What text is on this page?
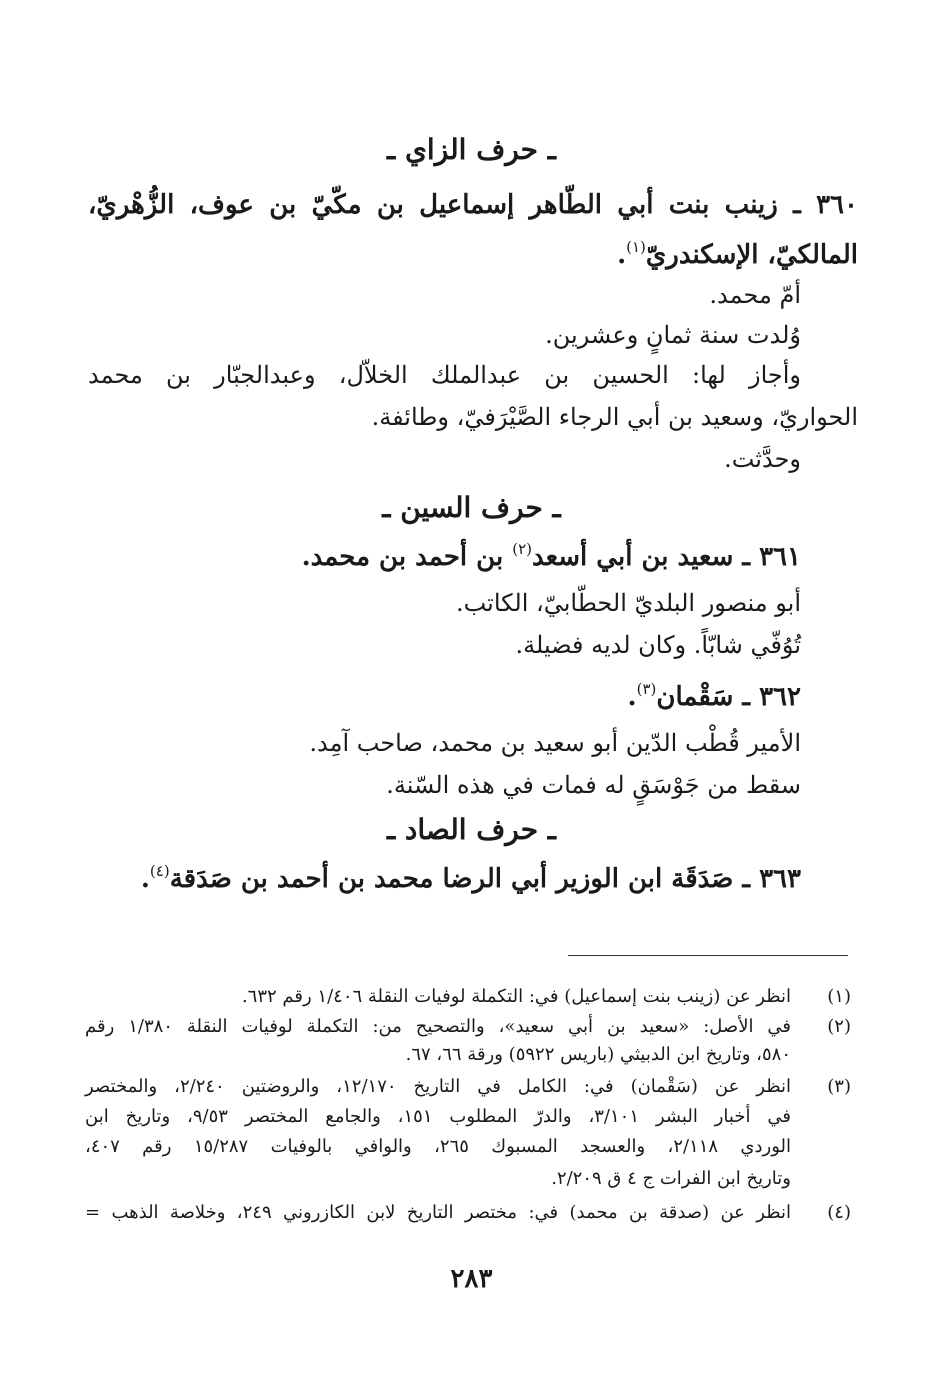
ـ حرف الزاي ـ
٣٦٠ ـ زينب بنت أبي الطّاهر إسماعيل بن مكّيّ بن عوف، الزُّهْريّ،
المالكيّ، الإسكندريّ$^{(١)}$.
أمّ محمد.
وُلدت سنة ثمانٍ وعشرين.
وأجاز لها: الحسين بن عبدالملك الخلاّل، وعبدالجبّار بن محمد
الحواريّ، وسعيد بن أبي الرجاء الصَّيْرَفيّ، وطائفة.
وحدَّثت.
ـ حرف السين ـ
٣٦١ ـ سعيد بن أبي أسعد$^{(٢)}$ بن أحمد بن محمد.
أبو منصور البلديّ الحطّابيّ، الكاتب.
تُوُفّي شابّاً. وكان لديه فضيلة.
٣٦٢ ـ سَقْمان$^{(٣)}$.
الأمير قُطْب الدّين أبو سعيد بن محمد، صاحب آمِد.
سقط من جَوْسَقٍ له فمات في هذه السّنة.
ـ حرف الصاد ـ
٣٦٣ ـ صَدَقَة ابن الوزير أبي الرضا محمد بن أحمد بن صَدَقة$^{(٤)}$.
(١)
انظر عن (زينب بنت إسماعيل) في: التكملة لوفيات النقلة ١/٤٠٦ رقم ٦٣٢.
(٢)
في الأصل: «سعيد بن أبي سعيد»، والتصحيح من: التكملة لوفيات النقلة ١/٣٨٠ رقم
٥٨٠، وتاريخ ابن الدبيثي (باريس ٥٩٢٢) ورقة ٦٦، ٦٧.
(٣)
انظر عن (سَقْمان) في: الكامل في التاريخ ١٢/١٧٠، والروضتين ٢/٢٤٠، والمختصر
في أخبار البشر ٣/١٠١، والدرّ المطلوب ١٥١، والجامع المختصر ٩/٥٣، وتاريخ ابن
الوردي ٢/١١٨، والعسجد المسبوك ٢٦٥، والوافي بالوفيات ١٥/٢٨٧ رقم ٤٠٧،
وتاريخ ابن الفرات ج ٤ ق ٢/٢٠٩.
(٤)
انظر عن (صدقة بن محمد) في: مختصر التاريخ لابن الكازروني ٢٤٩، وخلاصة الذهب =
٢٨٣
